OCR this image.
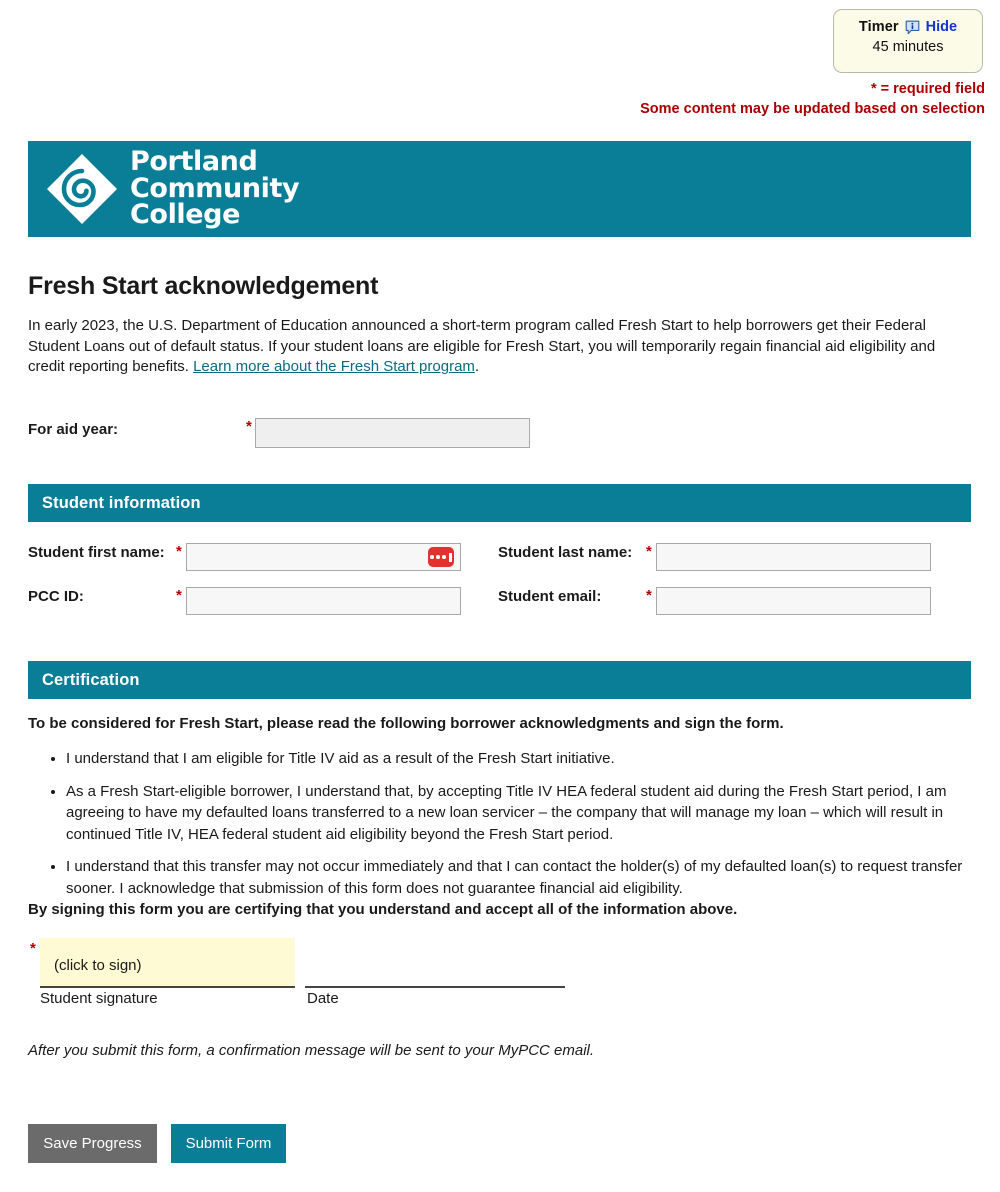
Timer Hide
45 minutes
* = required field
Some content may be updated based on selection
Portland
Community
College
Fresh Start acknowledgement
In early 2023, the U.S. Department of Education announced a short-term program called Fresh Start to help borrowers get their Federal Student Loans out of default status. If your student loans are eligible for Fresh Start, you will temporarily regain financial aid eligibility and credit reporting benefits. Learn more about the Fresh Start program.
For aid year:	*
Student information
Student first name: *	Student last name: *
PCC ID:	*	Student email:	*
Certification
To be considered for Fresh Start, please read the following borrower acknowledgments and sign the form.
• I understand that I am eligible for Title IV aid as a result of the Fresh Start initiative.
• As a Fresh Start-eligible borrower, I understand that, by accepting Title IV HEA federal student aid during the Fresh Start period, I am agreeing to have my defaulted loans transferred to a new loan servicer – the company that will manage my loan – which will result in continued Title IV, HEA federal student aid eligibility beyond the Fresh Start period.
• I understand that this transfer may not occur immediately and that I can contact the holder(s) of my defaulted loan(s) to request transfer sooner. I acknowledge that submission of this form does not guarantee financial aid eligibility.
By signing this form you are certifying that you understand and accept all of the information above.
*
(click to sign)
Student signature	Date
After you submit this form, a confirmation message will be sent to your MyPCC email.
Save Progress	Submit Form
